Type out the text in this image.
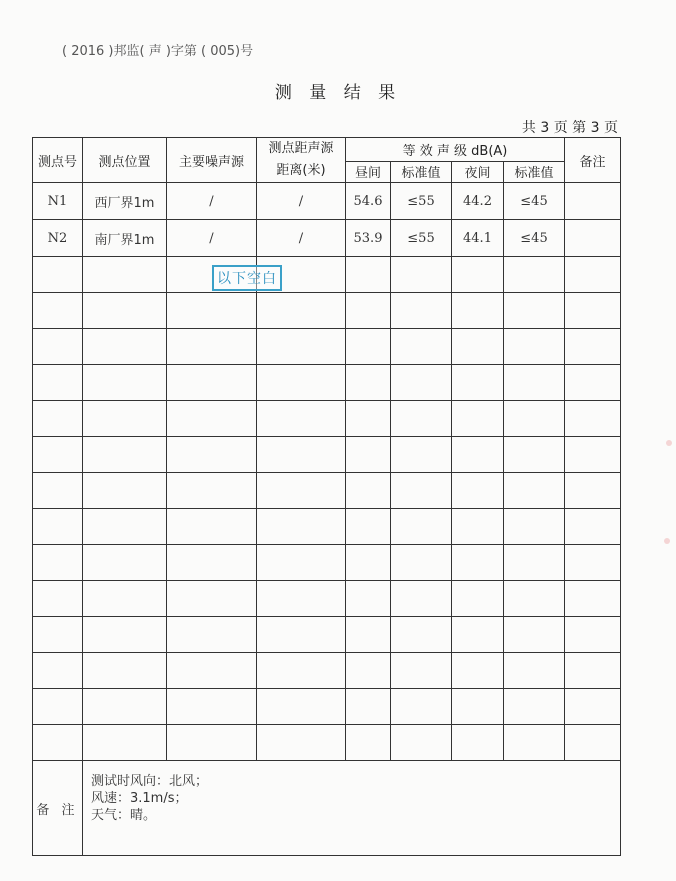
( 2016 )邦监( 声 )字第 ( 005)号
测 量 结 果
共 3 页 第 3 页
测点号	测点位置	主要噪声源	测点距声源 距离(米)	等 效 声 级 dB(A)				备注
				昼间	标准值	夜间	标准值	
N1	西厂界1m	/	/	54.6	≤55	44.2	≤45	
N2	南厂界1m	/	/	53.9	≤55	44.1	≤45	

备 注	测试时风向：北风；
风速：3.1m/s；
天气：晴。							
以下空白
